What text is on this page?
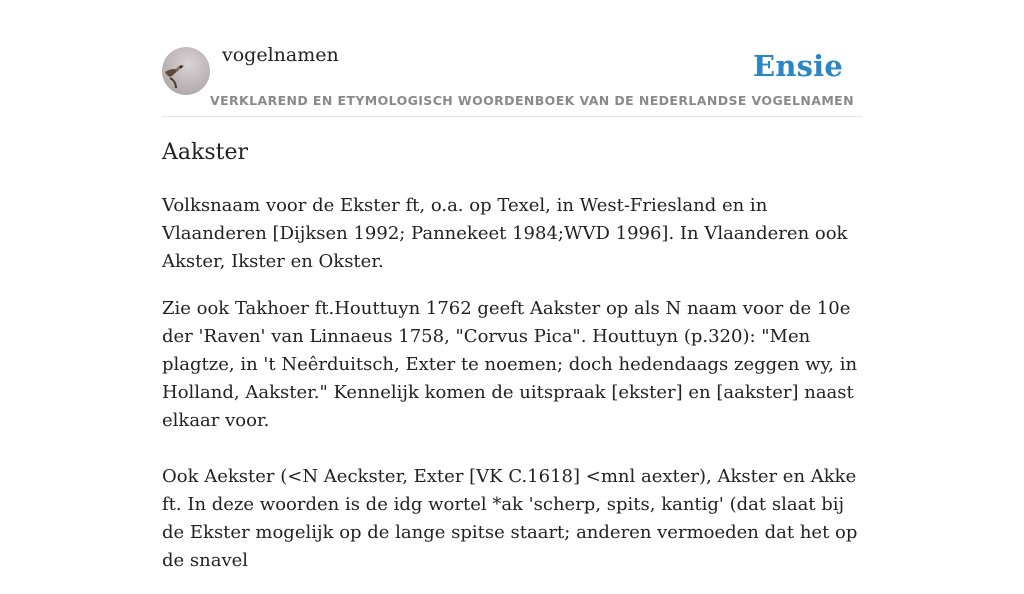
vogelnamen	Ensie
VERKLAREND EN ETYMOLOGISCH WOORDENBOEK VAN DE NEDERLANDSE VOGELNAMEN
Aakster

Volksnaam voor de Ekster ft, o.a. op Texel, in West-Friesland en in Vlaanderen [Dijksen 1992; Pannekeet 1984;WVD 1996]. In Vlaanderen ook Akster, Ikster en Okster.

Zie ook Takhoer ft.Houttuyn 1762 geeft Aakster op als N naam voor de 10e der 'Raven' van Linnaeus 1758, "Corvus Pica". Houttuyn (p.320): "Men plagtze, in 't Neêrduitsch, Exter te noemen; doch hedendaags zeggen wy, in Holland, Aakster." Kennelijk komen de uitspraak [ekster] en [aakster] naast elkaar voor.

Ook Aekster (<N Aeckster, Exter [VK C.1618] <mnl aexter), Akster en Akke ft. In deze woorden is de idg wortel *ak 'scherp, spits, kantig' (dat slaat bij de Ekster mogelijk op de lange spitse staart; anderen vermoeden dat het op de snavel
